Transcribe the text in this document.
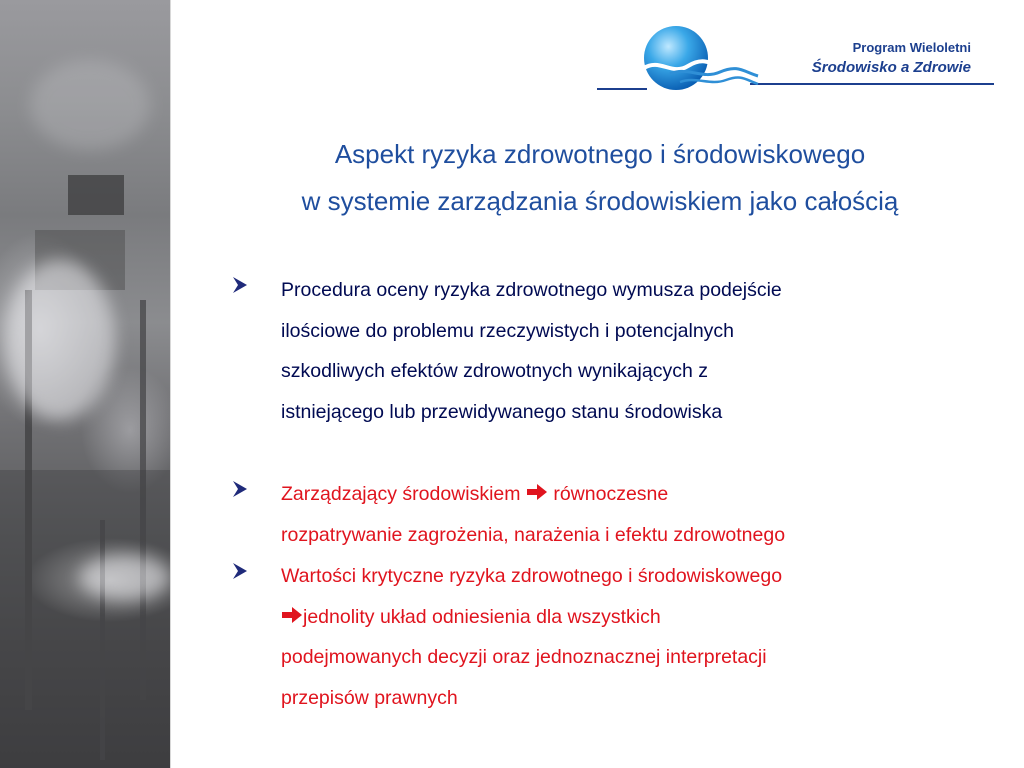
Program Wieloletni
Środowisko a Zdrowie
Aspekt ryzyka zdrowotnego i środowiskowego
w systemie zarządzania środowiskiem jako całością
Procedura oceny ryzyka zdrowotnego wymusza podejście
ilościowe do problemu rzeczywistych i potencjalnych
szkodliwych efektów zdrowotnych wynikających z
istniejącego lub przewidywanego stanu środowiska
Zarządzający środowiskiem  równoczesne
rozpatrywanie zagrożenia, narażenia i efektu zdrowotnego
Wartości krytyczne ryzyka zdrowotnego i środowiskowego
jednolity układ odniesienia dla wszystkich
podejmowanych decyzji oraz jednoznacznej interpretacji
przepisów prawnych
